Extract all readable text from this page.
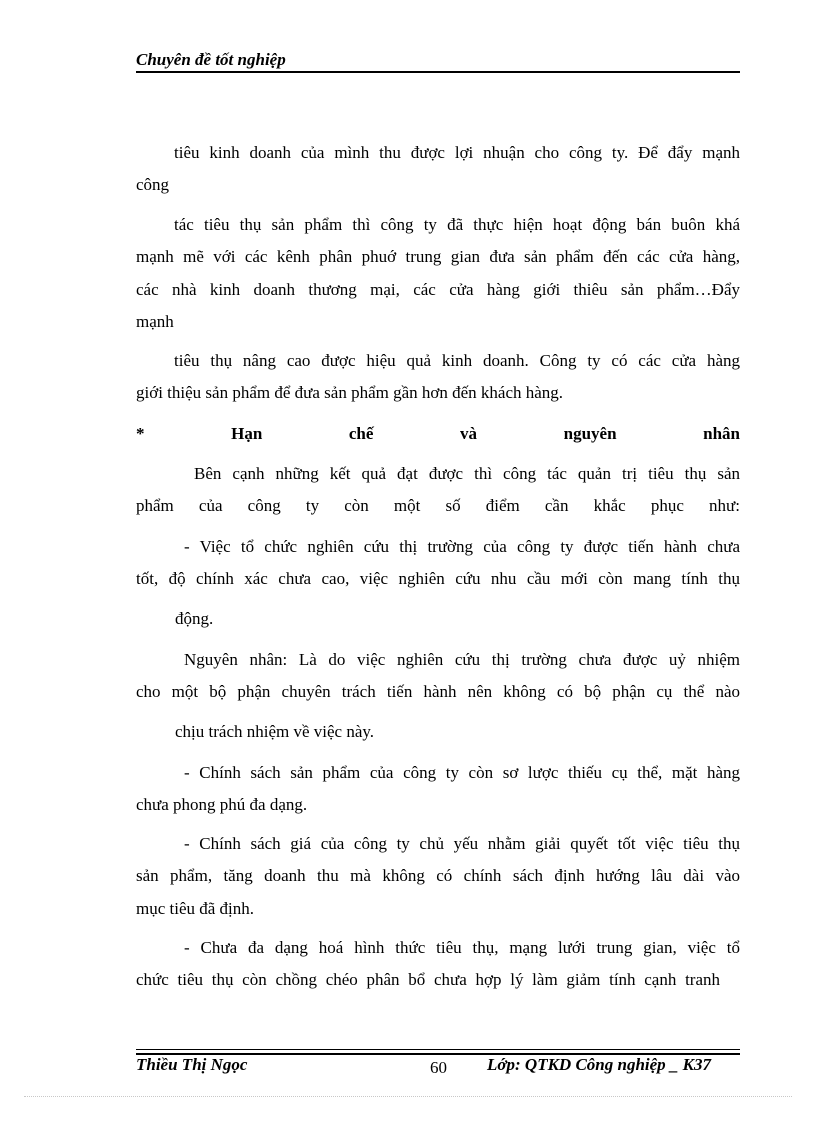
Chuyên đề tốt nghiệp
tiêu kinh doanh của mình thu được lợi nhuận cho công ty. Để đẩy mạnh
công
tác tiêu thụ sản phẩm thì công ty đã thực hiện hoạt động bán buôn khá
mạnh mẽ với các kênh phân phuớ trung gian đưa sản phẩm đến các cửa hàng,
các nhà kinh doanh thương mại, các cửa hàng giới thiêu sản phẩm…Đẩy
mạnh
tiêu thụ nâng cao được hiệu quả kinh doanh. Công ty có các cửa hàng
giới thiệu sản phẩm để đưa sản phẩm gần hơn đến khách hàng.
*	Hạn	chế	và	nguyên	nhân
Bên cạnh những kết quả đạt được thì công tác quản trị tiêu thụ sản
phẩm của công ty còn một số điểm cần khắc phục như:
- Việc tổ chức nghiên cứu thị trường của công ty được tiến hành chưa
tốt, độ chính xác chưa cao, việc nghiên cứu nhu cầu mới còn mang tính thụ
động.
Nguyên nhân: Là do việc nghiên cứu thị trường chưa được uỷ nhiệm
cho một bộ phận chuyên trách tiến hành nên không có bộ phận cụ thể nào
chịu trách nhiệm về việc này.
- Chính sách sản phẩm của công ty còn sơ lược thiếu cụ thể, mặt hàng
chưa phong phú đa dạng.
- Chính sách giá của công ty chủ yếu nhằm giải quyết tốt việc tiêu thụ
sản phẩm, tăng doanh thu mà không có chính sách định hướng lâu dài vào
mục tiêu đã định.
- Chưa đa dạng hoá hình thức tiêu thụ, mạng lưới trung gian, việc tổ
chức tiêu thụ còn chồng chéo phân bổ chưa hợp lý làm giảm tính cạnh tranh
Thiều Thị Ngọc	60 Lớp: QTKD Công nghiệp _ K37
